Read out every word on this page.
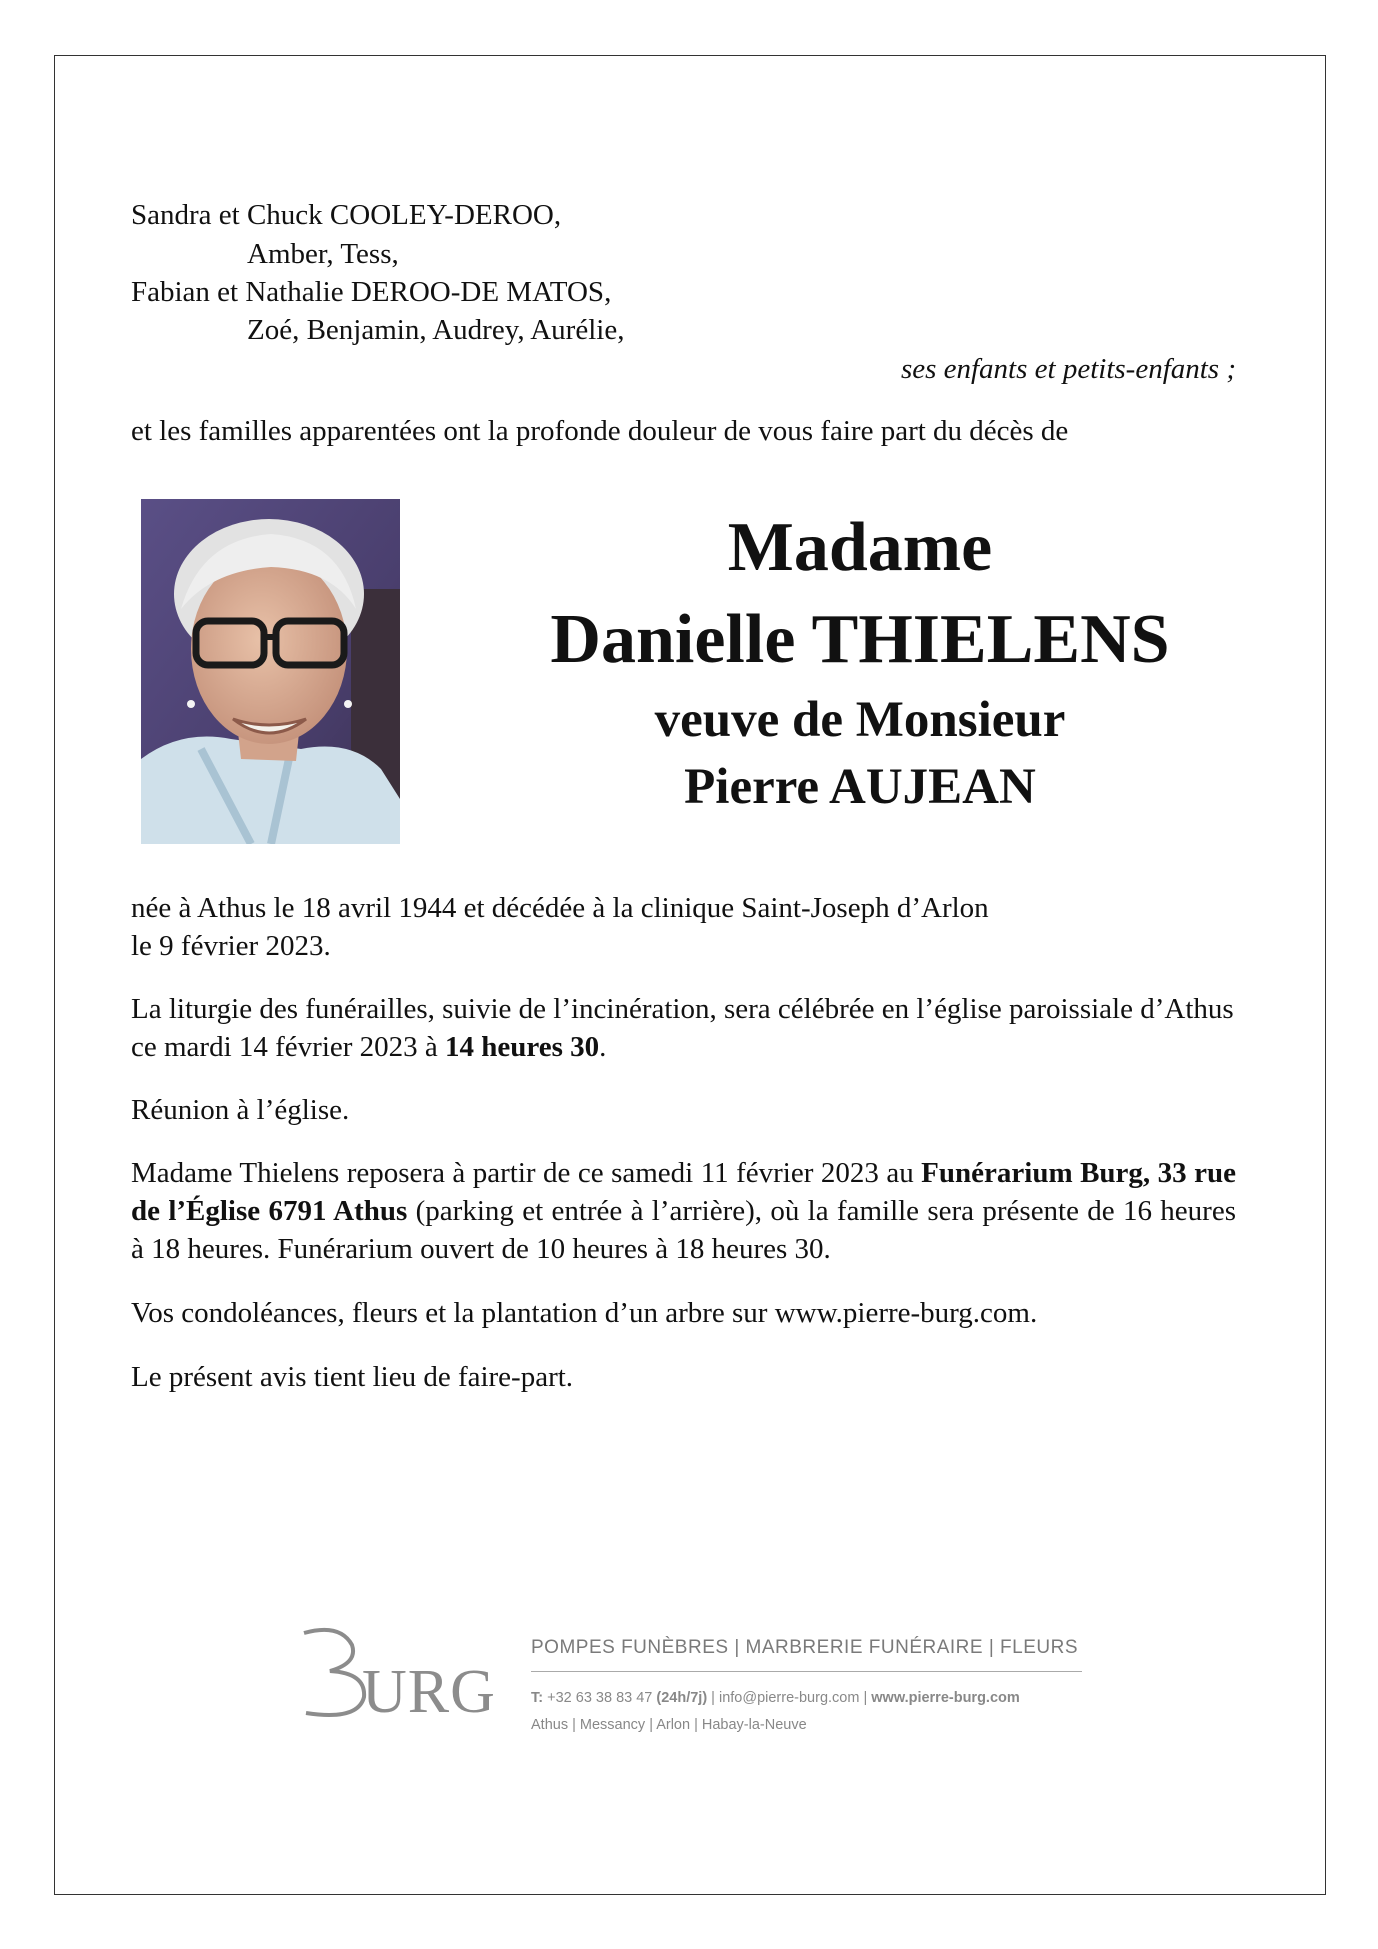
Sandra et Chuck COOLEY-DEROO,
Amber, Tess,
Fabian et Nathalie DEROO-DE MATOS,
Zoé, Benjamin, Audrey, Aurélie,
ses enfants et petits-enfants ;
et les familles apparentées ont la profonde douleur de vous faire part du décès de
Madame
Danielle THIELENS
veuve de Monsieur
Pierre AUJEAN
née à Athus le 18 avril 1944 et décédée à la clinique Saint-Joseph d’Arlon
le 9 février 2023.
La liturgie des funérailles, suivie de l’incinération, sera célébrée en l’église paroissiale d’Athus ce mardi 14 février 2023 à 14 heures 30.
Réunion à l’église.
Madame Thielens reposera à partir de ce samedi 11 février 2023 au Funérarium Burg, 33 rue de l’Église 6791 Athus (parking et entrée à l’arrière), où la famille sera présente de 16 heures à 18 heures. Funérarium ouvert de 10 heures à 18 heures 30.
Vos condoléances, fleurs et la plantation d’un arbre sur www.pierre-burg.com.
Le présent avis tient lieu de faire-part.
URG
POMPES FUNÈBRES | MARBRERIE FUNÉRAIRE | FLEURS
T: +32 63 38 83 47 (24h/7j) | info@pierre-burg.com | www.pierre-burg.com
Athus | Messancy | Arlon | Habay-la-Neuve
